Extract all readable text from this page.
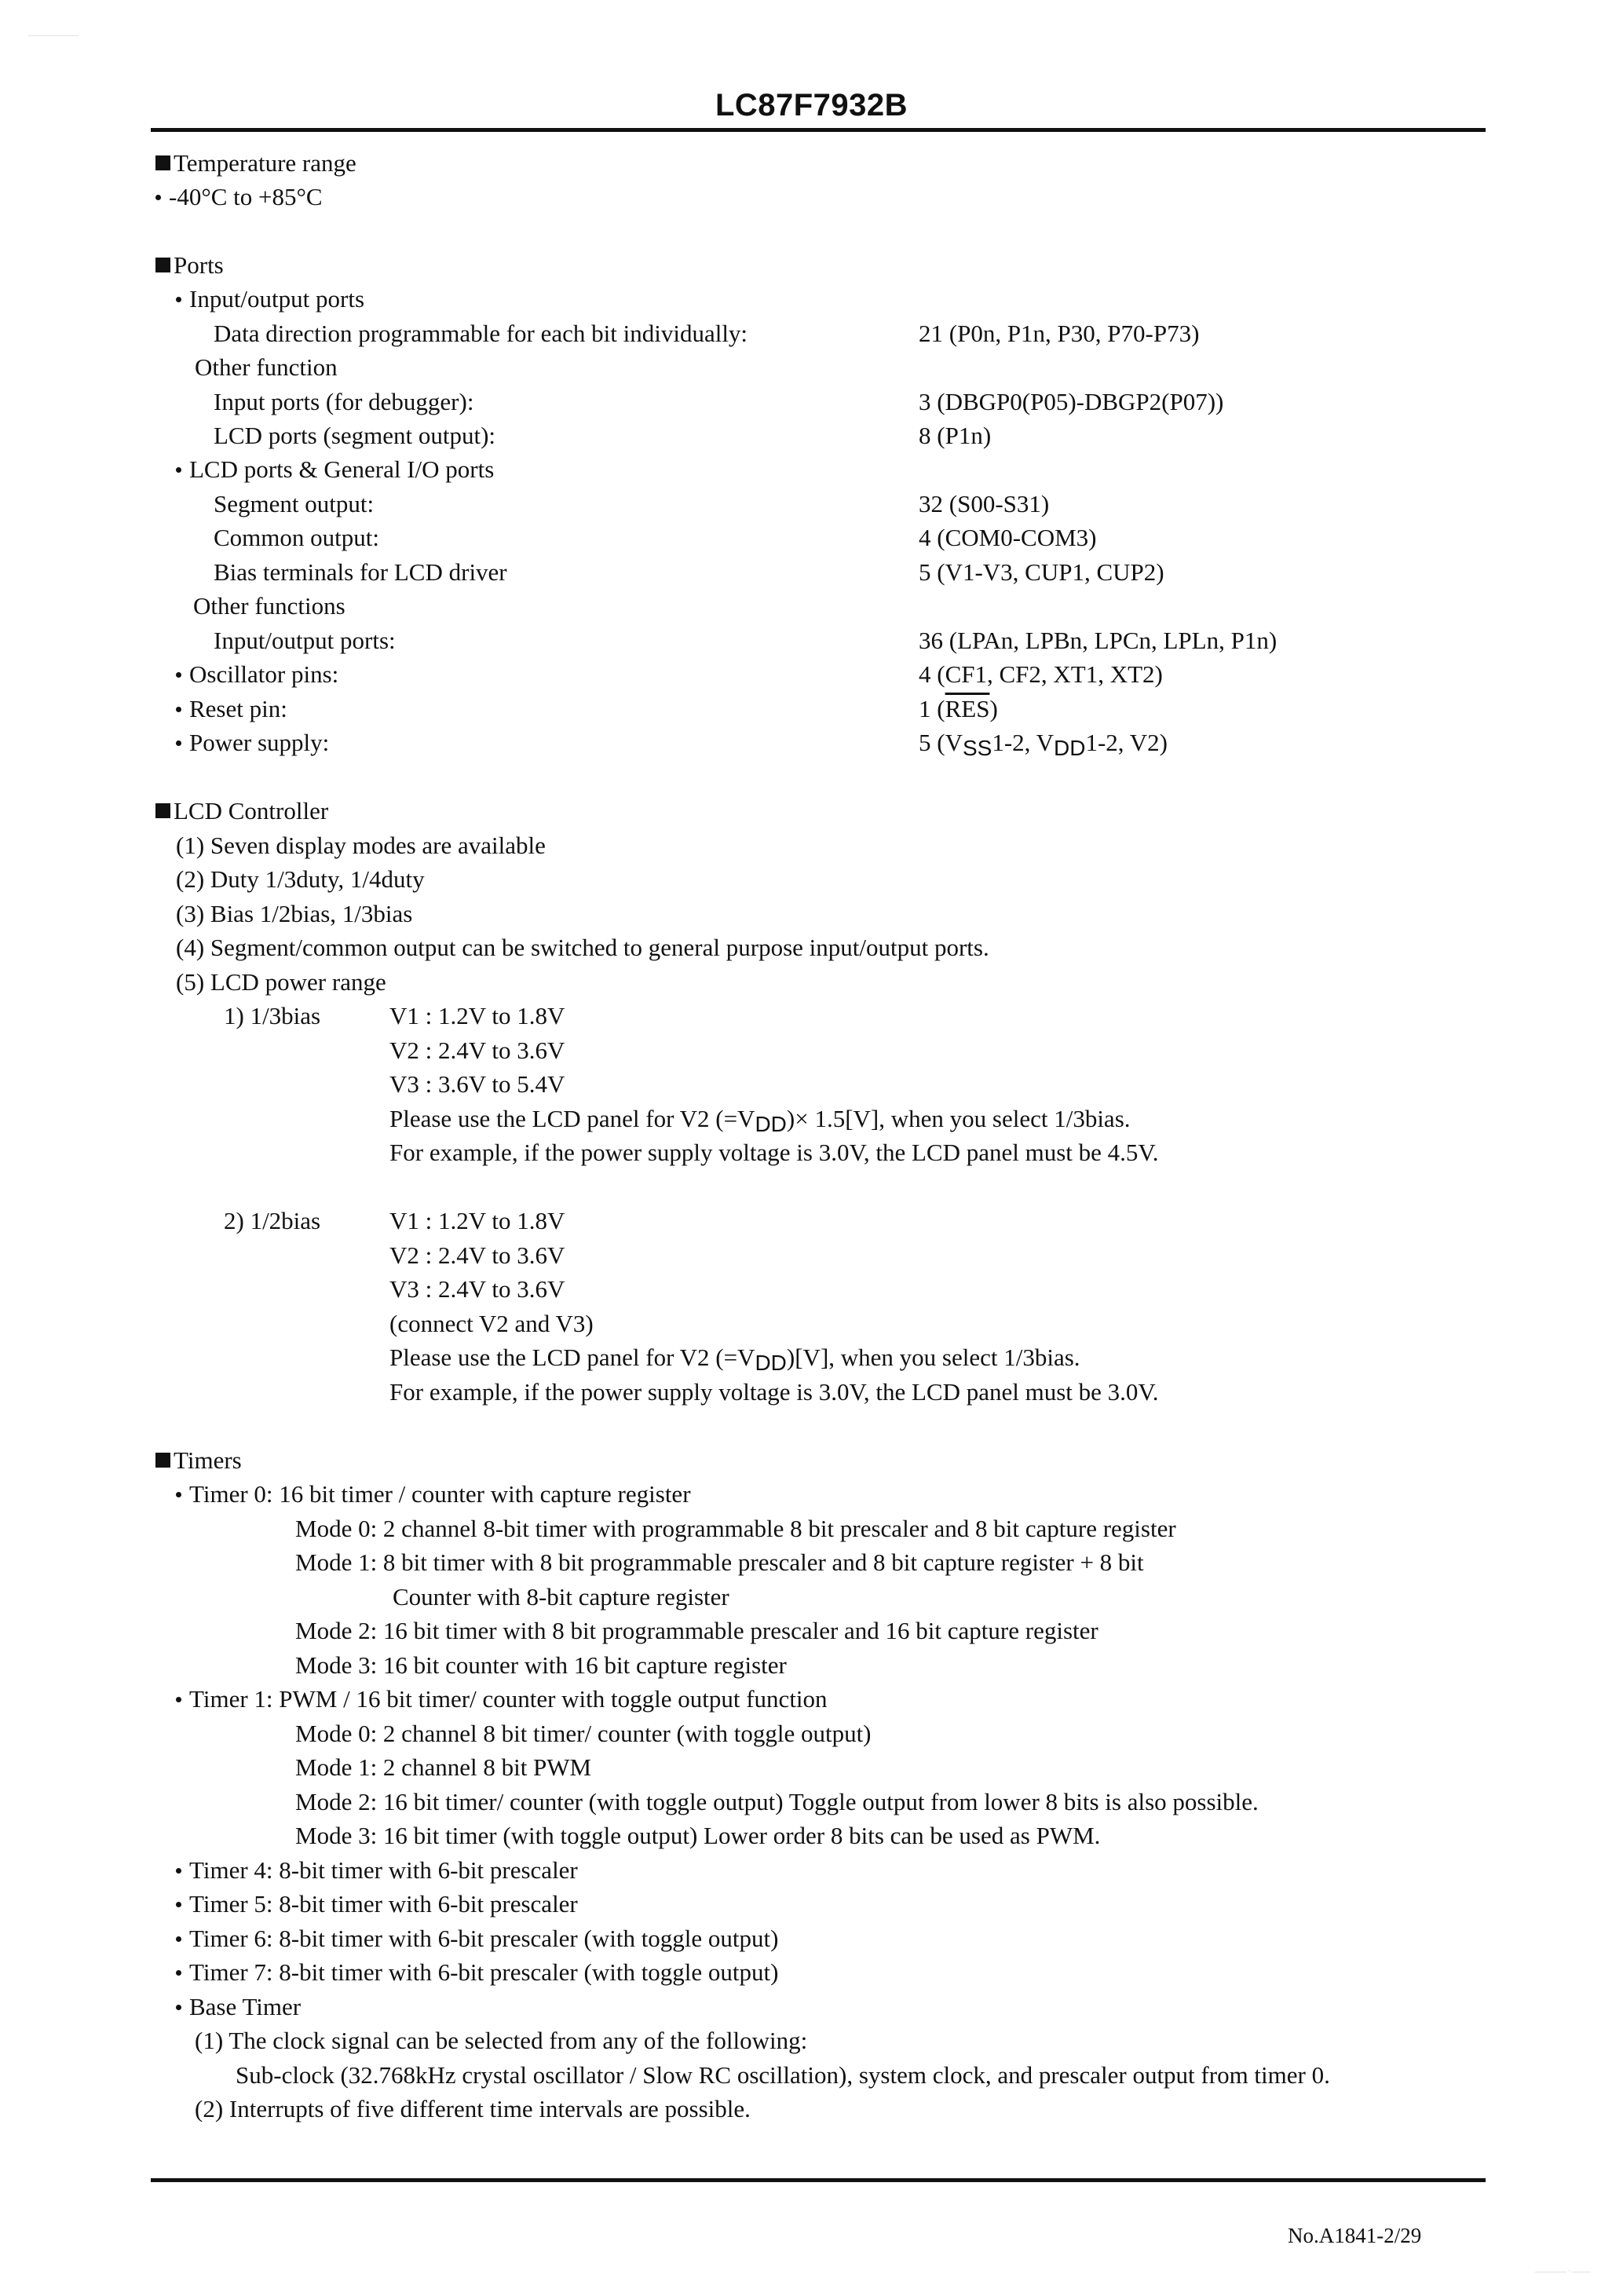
————————
LC87F7932B
Temperature range
-40°C to +85°C
Ports
Input/output ports
Data direction programmable for each bit individually:	21 (P0n, P1n, P30, P70-P73)
Other function
Input ports (for debugger):	3 (DBGP0(P05)-DBGP2(P07))
LCD ports (segment output):	8 (P1n)
LCD ports & General I/O ports
Segment output:	32 (S00-S31)
Common output:	4 (COM0-COM3)
Bias terminals for LCD driver	5 (V1-V3, CUP1, CUP2)
Other functions
Input/output ports:	36 (LPAn, LPBn, LPCn, LPLn, P1n)
Oscillator pins:	4 (CF1, CF2, XT1, XT2)
Reset pin:	1 $(\overline{RES})$
Power supply:	5 (VSS1-2, VDD1-2, V2)
LCD Controller
(1) Seven display modes are available
(2) Duty 1/3duty, 1/4duty
(3) Bias 1/2bias, 1/3bias
(4) Segment/common output can be switched to general purpose input/output ports.
(5) LCD power range
1) 1/3bias	V1 : 1.2V to 1.8V
V2 : 2.4V to 3.6V
V3 : 3.6V to 5.4V
Please use the LCD panel for V2 (=VDD)× 1.5[V], when you select 1/3bias.
For example, if the power supply voltage is 3.0V, the LCD panel must be 4.5V.
2) 1/2bias	V1 : 1.2V to 1.8V
V2 : 2.4V to 3.6V
V3 : 2.4V to 3.6V
(connect V2 and V3)
Please use the LCD panel for V2 (=VDD)[V], when you select 1/3bias.
For example, if the power supply voltage is 3.0V, the LCD panel must be 3.0V.
Timers
Timer 0: 16 bit timer / counter with capture register
Mode 0: 2 channel 8-bit timer with programmable 8 bit prescaler and 8 bit capture register
Mode 1: 8 bit timer with 8 bit programmable prescaler and 8 bit capture register + 8 bit
Counter with 8-bit capture register
Mode 2: 16 bit timer with 8 bit programmable prescaler and 16 bit capture register
Mode 3: 16 bit counter with 16 bit capture register
Timer 1: PWM / 16 bit timer/ counter with toggle output function
Mode 0: 2 channel 8 bit timer/ counter (with toggle output)
Mode 1: 2 channel 8 bit PWM
Mode 2: 16 bit timer/ counter (with toggle output) Toggle output from lower 8 bits is also possible.
Mode 3: 16 bit timer (with toggle output) Lower order 8 bits can be used as PWM.
Timer 4: 8-bit timer with 6-bit prescaler
Timer 5: 8-bit timer with 6-bit prescaler
Timer 6: 8-bit timer with 6-bit prescaler (with toggle output)
Timer 7: 8-bit timer with 6-bit prescaler (with toggle output)
Base Timer
(1) The clock signal can be selected from any of the following:
Sub-clock (32.768kHz crystal oscillator / Slow RC oscillation), system clock, and prescaler output from timer 0.
(2) Interrupts of five different time intervals are possible.
No.A1841-2/29
————— · ———
